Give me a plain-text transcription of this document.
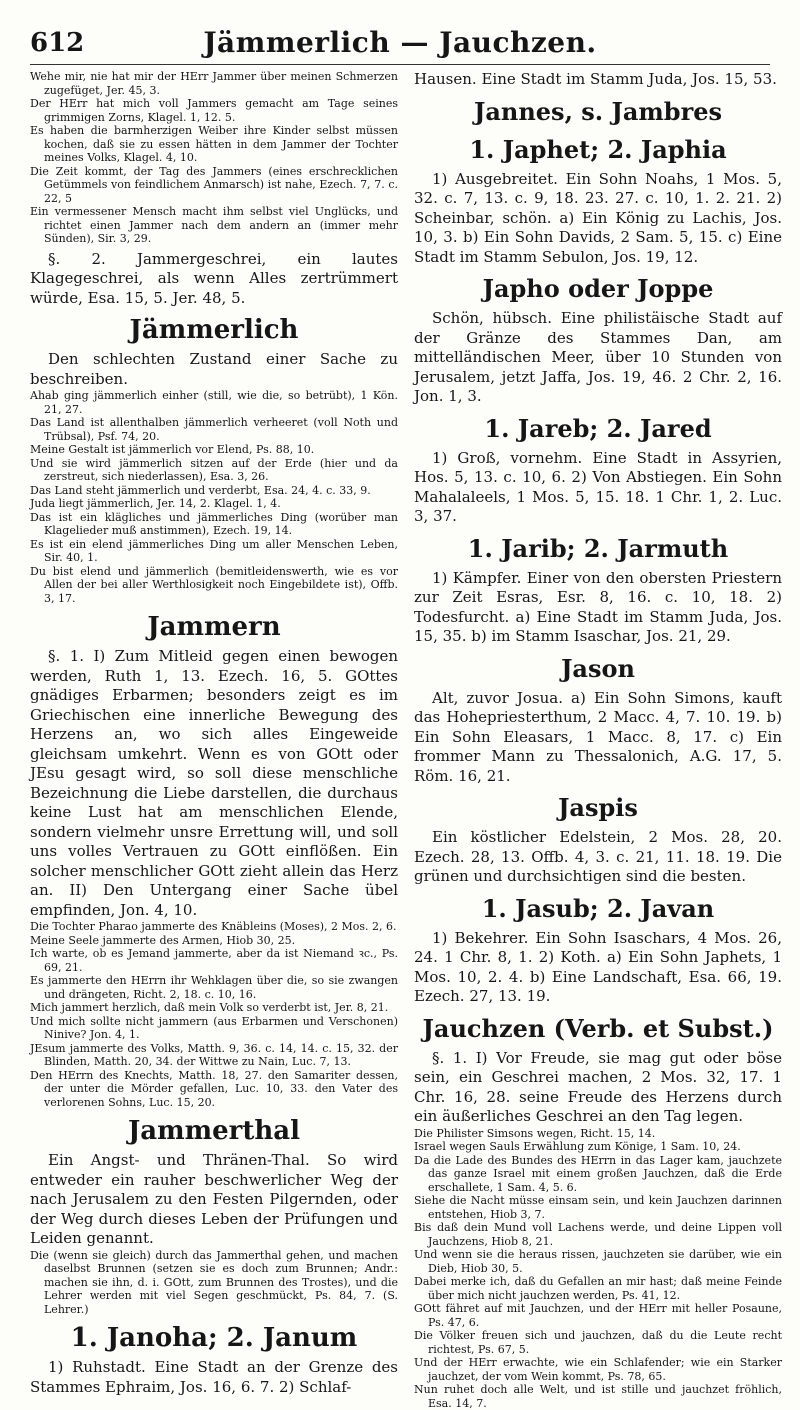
612	Jämmerlich — Jauchzen.
Wehe mir, nie hat mir der HErr Jammer über meinen Schmerzen zugefüget, Jer. 45, 3.
Der HErr hat mich voll Jammers gemacht am Tage seines grimmigen Zorns, Klagel. 1, 12. 5.
Es haben die barmherzigen Weiber ihre Kinder selbst müssen kochen, daß sie zu essen hätten in dem Jammer der Tochter meines Volks, Klagel. 4, 10.
Die Zeit kommt, der Tag des Jammers (eines erschrecklichen Getümmels von feindlichem Anmarsch) ist nahe, Ezech. 7, 7. c. 22, 5
Ein vermessener Mensch macht ihm selbst viel Unglücks, und richtet einen Jammer nach dem andern an (immer mehr Sünden), Sir. 3, 29.

§. 2. Jammergeschrei, ein lautes Klagegeschrei, als wenn Alles zertrümmert würde, Esa. 15, 5. Jer. 48, 5.

Jämmerlich

Den schlechten Zustand einer Sache zu beschreiben.

Ahab ging jämmerlich einher (still, wie die, so betrübt), 1 Kön. 21, 27.
Das Land ist allenthalben jämmerlich verheeret (voll Noth und Trübsal), Psf. 74, 20.
Meine Gestalt ist jämmerlich vor Elend, Ps. 88, 10.
Und sie wird jämmerlich sitzen auf der Erde (hier und da zerstreut, sich niederlassen), Esa. 3, 26.
Das Land steht jämmerlich und verderbt, Esa. 24, 4. c. 33, 9.
Juda liegt jämmerlich, Jer. 14, 2. Klagel. 1, 4.
Das ist ein klägliches und jämmerliches Ding (worüber man Klagelieder muß anstimmen), Ezech. 19, 14.
Es ist ein elend jämmerliches Ding um aller Menschen Leben, Sir. 40, 1.
Du bist elend und jämmerlich (bemitleidenswerth, wie es vor Allen der bei aller Werthlosigkeit noch Eingebildete ist), Offb. 3, 17.
Jammern

§. 1. I) Zum Mitleid gegen einen bewogen werden, Ruth 1, 13. Ezech. 16, 5. GOttes gnädiges Erbarmen; besonders zeigt es im Griechischen eine innerliche Bewegung des Herzens an, wo sich alles Eingeweide gleichsam umkehrt. Wenn es von GOtt oder JEsu gesagt wird, so soll diese menschliche Bezeichnung die Liebe darstellen, die durchaus keine Lust hat am menschlichen Elende, sondern vielmehr unsre Errettung will, und soll uns volles Vertrauen zu GOtt einflößen. Ein solcher menschlicher GOtt zieht allein das Herz an. II) Den Untergang einer Sache übel empfinden, Jon. 4, 10.

Die Tochter Pharao jammerte des Knäbleins (Moses), 2 Mos. 2, 6.
Meine Seele jammerte des Armen, Hiob 30, 25.
Ich warte, ob es Jemand jammerte, aber da ist Niemand ꝛc., Ps. 69, 21.
Es jammerte den HErrn ihr Wehklagen über die, so sie zwangen und drängeten, Richt. 2, 18. c. 10, 16.
Mich jammert herzlich, daß mein Volk so verderbt ist, Jer. 8, 21.
Und mich sollte nicht jammern (aus Erbarmen und Verschonen) Ninive? Jon. 4, 1.
JEsum jammerte des Volks, Matth. 9, 36. c. 14, 14. c. 15, 32. der Blinden, Matth. 20, 34. der Wittwe zu Nain, Luc. 7, 13.
Den HErrn des Knechts, Matth. 18, 27. den Samariter dessen, der unter die Mörder gefallen, Luc. 10, 33. den Vater des verlorenen Sohns, Luc. 15, 20.
Jammerthal

Ein Angst- und Thränen-Thal. So wird entweder ein rauher beschwerlicher Weg der nach Jerusalem zu den Festen Pilgernden, oder der Weg durch dieses Leben der Prüfungen und Leiden genannt.

Die (wenn sie gleich) durch das Jammerthal gehen, und machen daselbst Brunnen (setzen sie es doch zum Brunnen; Andr.: machen sie ihn, d. i. GOtt, zum Brunnen des Trostes), und die Lehrer werden mit viel Segen geschmückt, Ps. 84, 7. (S. Lehrer.)
1. Janoha; 2. Janum

1) Ruhstadt. Eine Stadt an der Grenze des Stammes Ephraim, Jos. 16, 6. 7. 2) Schlaf-

Hausen. Eine Stadt im Stamm Juda, Jos. 15, 53.

Jannes, s. Jambres
1. Japhet; 2. Japhia

1) Ausgebreitet. Ein Sohn Noahs, 1 Mos. 5, 32. c. 7, 13. c. 9, 18. 23. 27. c. 10, 1. 2. 21. 2) Scheinbar, schön. a) Ein König zu Lachis, Jos. 10, 3. b) Ein Sohn Davids, 2 Sam. 5, 15. c) Eine Stadt im Stamm Sebulon, Jos. 19, 12.

Japho oder Joppe

Schön, hübsch. Eine philistäische Stadt auf der Gränze des Stammes Dan, am mittelländischen Meer, über 10 Stunden von Jerusalem, jetzt Jaffa, Jos. 19, 46. 2 Chr. 2, 16. Jon. 1, 3.

1. Jareb; 2. Jared

1) Groß, vornehm. Eine Stadt in Assyrien, Hos. 5, 13. c. 10, 6. 2) Von Abstiegen. Ein Sohn Mahalaleels, 1 Mos. 5, 15. 18. 1 Chr. 1, 2. Luc. 3, 37.

1. Jarib; 2. Jarmuth

1) Kämpfer. Einer von den obersten Priestern zur Zeit Esras, Esr. 8, 16. c. 10, 18. 2) Todesfurcht. a) Eine Stadt im Stamm Juda, Jos. 15, 35. b) im Stamm Isaschar, Jos. 21, 29.

Jason

Alt, zuvor Josua. a) Ein Sohn Simons, kauft das Hohepriesterthum, 2 Macc. 4, 7. 10. 19. b) Ein Sohn Eleasars, 1 Macc. 8, 17. c) Ein frommer Mann zu Thessalonich, A.G. 17, 5. Röm. 16, 21.

Jaspis

Ein köstlicher Edelstein, 2 Mos. 28, 20. Ezech. 28, 13. Offb. 4, 3. c. 21, 11. 18. 19. Die grünen und durchsichtigen sind die besten.

1. Jasub; 2. Javan

1) Bekehrer. Ein Sohn Isaschars, 4 Mos. 26, 24. 1 Chr. 8, 1. 2) Koth. a) Ein Sohn Japhets, 1 Mos. 10, 2. 4. b) Eine Landschaft, Esa. 66, 19. Ezech. 27, 13. 19.

Jauchzen (Verb. et Subst.)

§. 1. I) Vor Freude, sie mag gut oder böse sein, ein Geschrei machen, 2 Mos. 32, 17. 1 Chr. 16, 28. seine Freude des Herzens durch ein äußerliches Geschrei an den Tag legen.

Die Philister Simsons wegen, Richt. 15, 14.
Israel wegen Sauls Erwählung zum Könige, 1 Sam. 10, 24.
Da die Lade des Bundes des HErrn in das Lager kam, jauchzete das ganze Israel mit einem großen Jauchzen, daß die Erde erschallete, 1 Sam. 4, 5. 6.
Siehe die Nacht müsse einsam sein, und kein Jauchzen darinnen entstehen, Hiob 3, 7.
Bis daß dein Mund voll Lachens werde, und deine Lippen voll Jauchzens, Hiob 8, 21.
Und wenn sie die heraus rissen, jauchzeten sie darüber, wie ein Dieb, Hiob 30, 5.
Dabei merke ich, daß du Gefallen an mir hast; daß meine Feinde über mich nicht jauchzen werden, Ps. 41, 12.
GOtt fähret auf mit Jauchzen, und der HErr mit heller Posaune, Ps. 47, 6.
Die Völker freuen sich und jauchzen, daß du die Leute recht richtest, Ps. 67, 5.
Und der HErr erwachte, wie ein Schlafender; wie ein Starker jauchzet, der vom Wein kommt, Ps. 78, 65.
Nun ruhet doch alle Welt, und ist stille und jauchzet fröhlich, Esa. 14, 7.
